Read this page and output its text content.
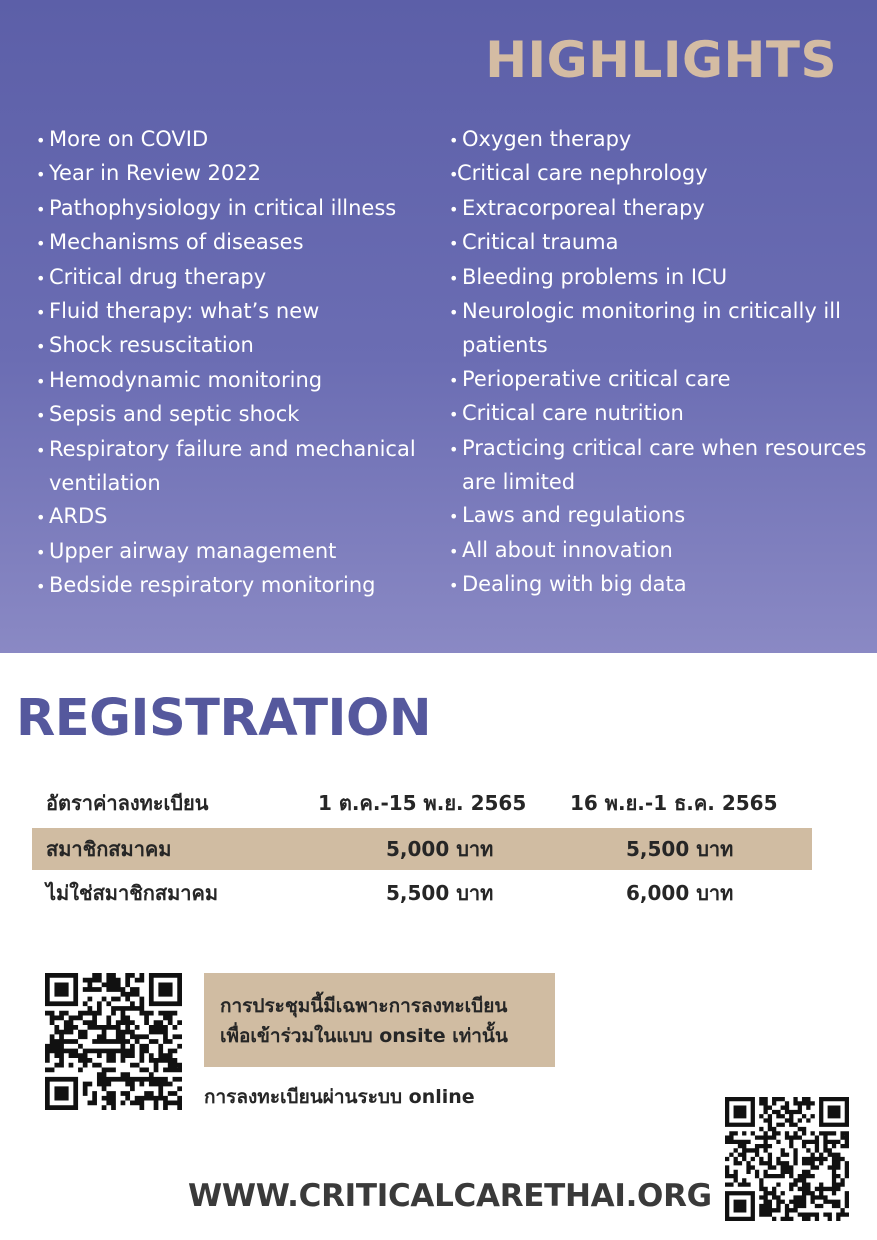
HIGHLIGHTS
• More on COVID
• Year in Review 2022
• Pathophysiology in critical illness
• Mechanisms of diseases
• Critical drug therapy
• Fluid therapy: what’s new
• Shock resuscitation
• Hemodynamic monitoring
• Sepsis and septic shock
• Respiratory failure and mechanical
ventilation
• ARDS
• Upper airway management
• Bedside respiratory monitoring
• Oxygen therapy
• Critical care nephrology
• Extracorporeal therapy
• Critical trauma
• Bleeding problems in ICU
• Neurologic monitoring in critically ill
patients
• Perioperative critical care
• Critical care nutrition
• Practicing critical care when resources
are limited
• Laws and regulations
• All about innovation
• Dealing with big data
REGISTRATION
อัตราค่าลงทะเบียน	1 ต.ค.-15 พ.ย. 2565 16 พ.ย.-1 ธ.ค. 2565
สมาชิกสมาคม	5,000 บาท	5,500 บาท
ไม่ใช่สมาชิกสมาคม	5,500 บาท	6,000 บาท
การประชุมนี้มีเฉพาะการลงทะเบียน
เพื่อเข้าร่วมในแบบ onsite เท่านั้น
การลงทะเบียนผ่านระบบ online
WWW.CRITICALCARETHAI.ORG
